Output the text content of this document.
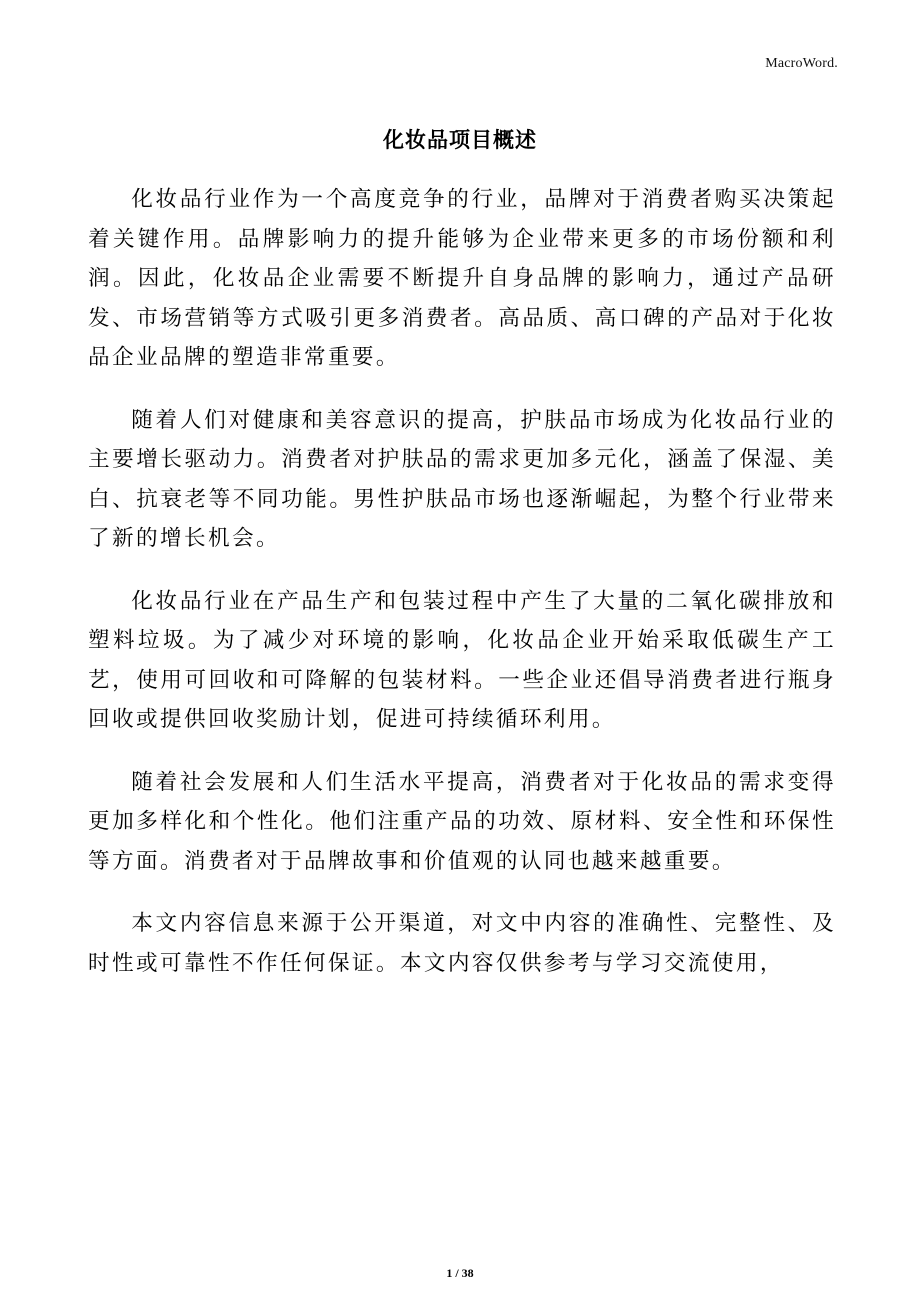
MacroWord.
化妆品项目概述

化妆品行业作为一个高度竞争的行业，品牌对于消费者购买决策起着关键作用。品牌影响力的提升能够为企业带来更多的市场份额和利润。因此，化妆品企业需要不断提升自身品牌的影响力，通过产品研发、市场营销等方式吸引更多消费者。高品质、高口碑的产品对于化妆品企业品牌的塑造非常重要。

随着人们对健康和美容意识的提高，护肤品市场成为化妆品行业的主要增长驱动力。消费者对护肤品的需求更加多元化，涵盖了保湿、美白、抗衰老等不同功能。男性护肤品市场也逐渐崛起，为整个行业带来了新的增长机会。

化妆品行业在产品生产和包装过程中产生了大量的二氧化碳排放和塑料垃圾。为了减少对环境的影响，化妆品企业开始采取低碳生产工艺，使用可回收和可降解的包装材料。一些企业还倡导消费者进行瓶身回收或提供回收奖励计划，促进可持续循环利用。

随着社会发展和人们生活水平提高，消费者对于化妆品的需求变得更加多样化和个性化。他们注重产品的功效、原材料、安全性和环保性等方面。消费者对于品牌故事和价值观的认同也越来越重要。

本文内容信息来源于公开渠道，对文中内容的准确性、完整性、及时性或可靠性不作任何保证。本文内容仅供参考与学习交流使用，

1 / 38
